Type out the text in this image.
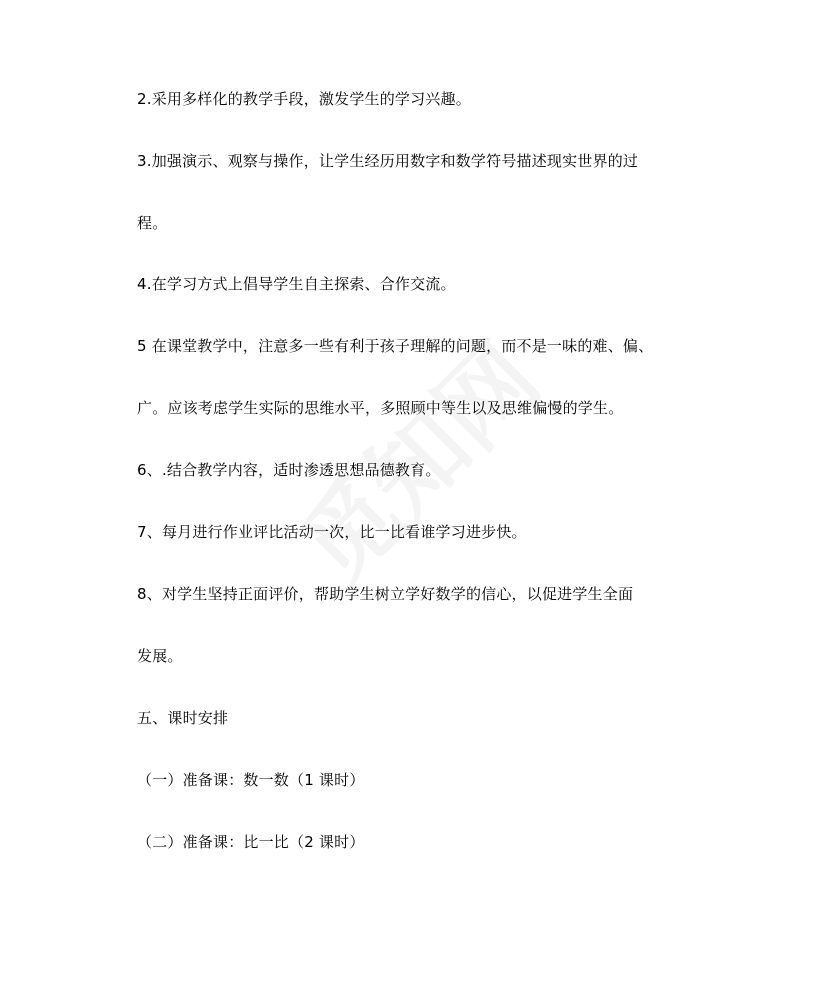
2.采用多样化的教学手段，激发学生的学习兴趣。
3.加强演示、观察与操作，让学生经历用数字和数学符号描述现实世界的过
程。
4.在学习方式上倡导学生自主探索、合作交流。
5 在课堂教学中，注意多一些有利于孩子理解的问题，而不是一味的难、偏、
广。应该考虑学生实际的思维水平，多照顾中等生以及思维偏慢的学生。
6、.结合教学内容，适时渗透思想品德教育。
7、每月进行作业评比活动一次，比一比看谁学习进步快。
8、对学生坚持正面评价，帮助学生树立学好数学的信心，以促进学生全面
发展。
五、课时安排
（一）准备课：数一数（1 课时）
（二）准备课：比一比（2 课时）
